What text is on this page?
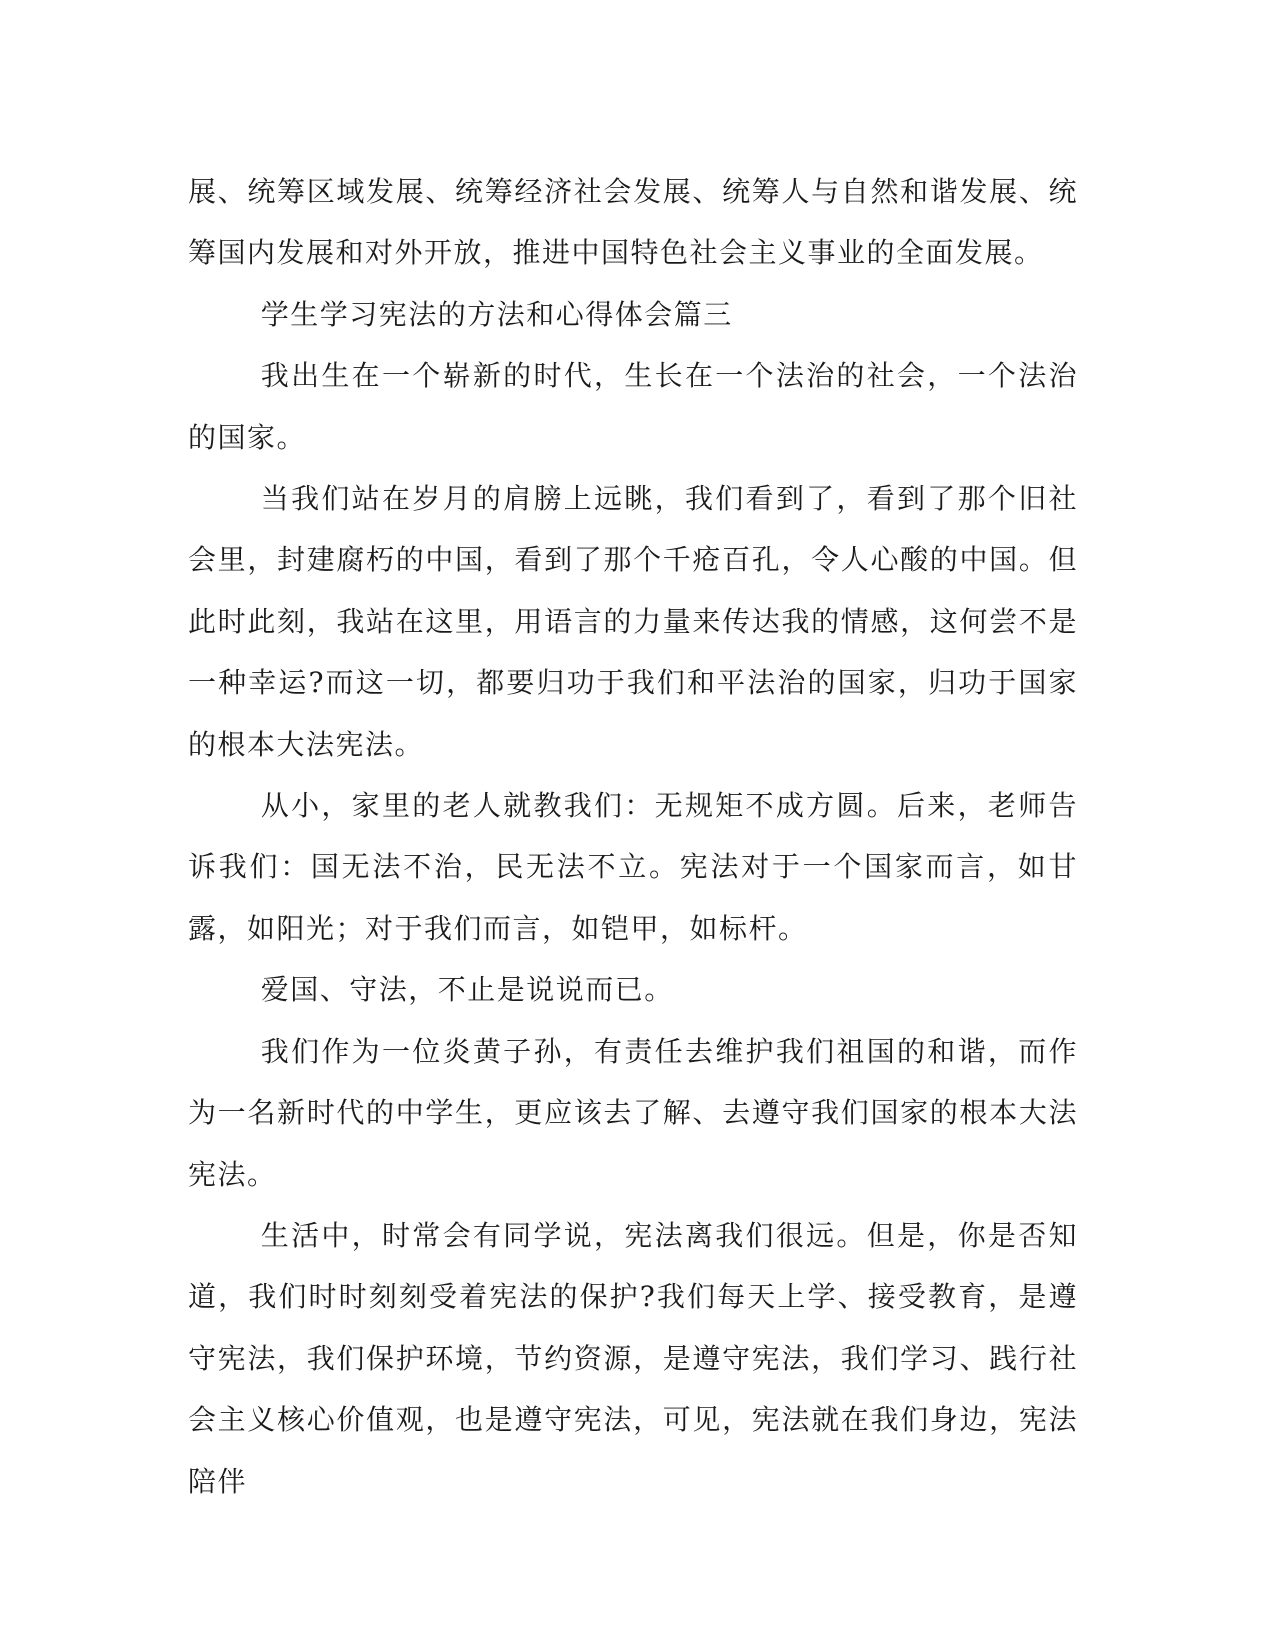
展、统筹区域发展、统筹经济社会发展、统筹人与自然和谐发展、统筹国内发展和对外开放，推进中国特色社会主义事业的全面发展。

学生学习宪法的方法和心得体会篇三

我出生在一个崭新的时代，生长在一个法治的社会，一个法治的国家。

当我们站在岁月的肩膀上远眺，我们看到了，看到了那个旧社会里，封建腐朽的中国，看到了那个千疮百孔，令人心酸的中国。但此时此刻，我站在这里，用语言的力量来传达我的情感，这何尝不是一种幸运?而这一切，都要归功于我们和平法治的国家，归功于国家的根本大法宪法。

从小，家里的老人就教我们：无规矩不成方圆。后来，老师告诉我们：国无法不治，民无法不立。宪法对于一个国家而言，如甘露，如阳光；对于我们而言，如铠甲，如标杆。

爱国、守法，不止是说说而已。

我们作为一位炎黄子孙，有责任去维护我们祖国的和谐，而作为一名新时代的中学生，更应该去了解、去遵守我们国家的根本大法宪法。

生活中，时常会有同学说，宪法离我们很远。但是，你是否知道，我们时时刻刻受着宪法的保护?我们每天上学、接受教育，是遵守宪法，我们保护环境，节约资源，是遵守宪法，我们学习、践行社会主义核心价值观，也是遵守宪法，可见，宪法就在我们身边，宪法陪伴
